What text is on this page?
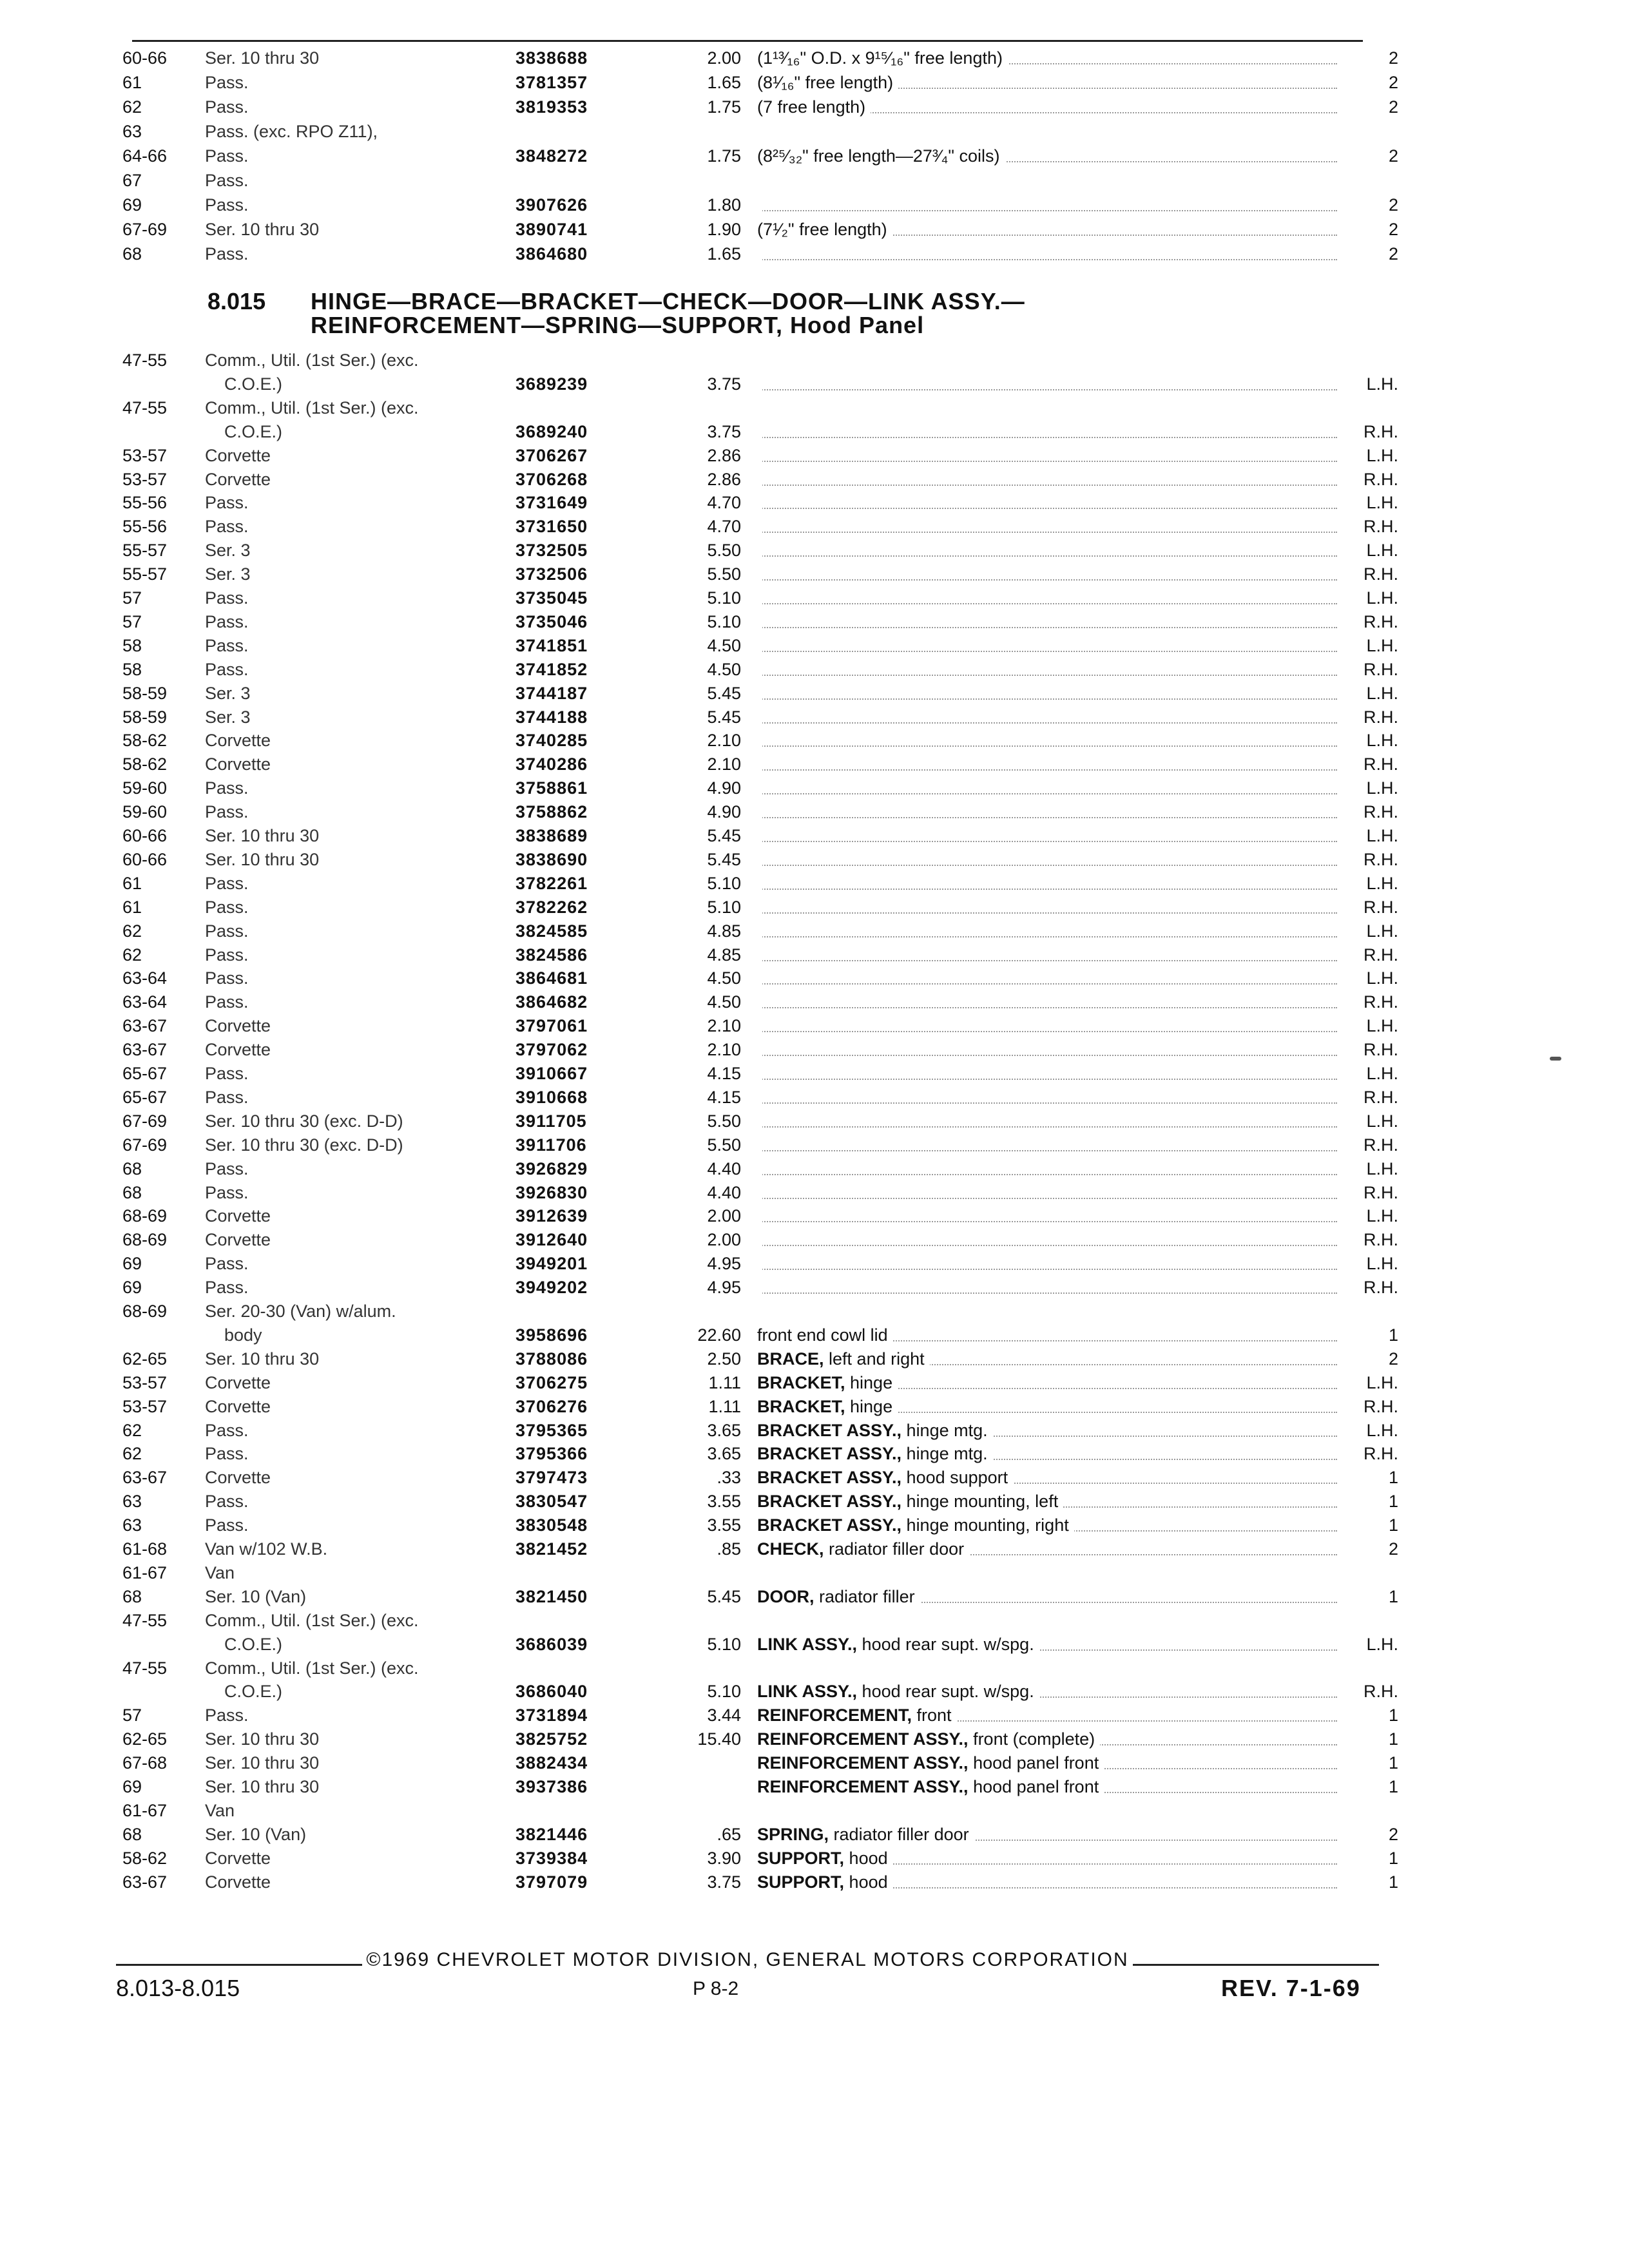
60-66 Ser. 10 thru 30	3838688	2.00 (1¹³⁄₁₆" O.D. x 9¹⁵⁄₁₆" free length)	2
61	Pass.	3781357	1.65 (8¹⁄₁₆" free length)	2
62	Pass.	3819353	1.75 (7 free length)	2
63	Pass. (exc. RPO Z11),
64-66 Pass.	3848272	1.75 (8²⁵⁄₃₂" free length—27³⁄₄" coils)	2
67	Pass.
69	Pass.	3907626	1.80	2
67-69 Ser. 10 thru 30	3890741	1.90 (7¹⁄₂" free length)	2
68	Pass.	3864680	1.65	2
8.015 HINGE—BRACE—BRACKET—CHECK—DOOR—LINK ASSY.—
REINFORCEMENT—SPRING—SUPPORT, Hood Panel
47-55 Comm., Util. (1st Ser.) (exc.
C.O.E.)	3689239	3.75	L.H.
47-55 Comm., Util. (1st Ser.) (exc.
C.O.E.)	3689240	3.75	R.H.
53-57 Corvette	3706267	2.86	L.H.
53-57 Corvette	3706268	2.86	R.H.
55-56 Pass.	3731649	4.70	L.H.
55-56 Pass.	3731650	4.70	R.H.
55-57 Ser. 3	3732505	5.50	L.H.
55-57 Ser. 3	3732506	5.50	R.H.
57	Pass.	3735045	5.10	L.H.
57	Pass.	3735046	5.10	R.H.
58	Pass.	3741851	4.50	L.H.
58	Pass.	3741852	4.50	R.H.
58-59 Ser. 3	3744187	5.45	L.H.
58-59 Ser. 3	3744188	5.45	R.H.
58-62 Corvette	3740285	2.10	L.H.
58-62 Corvette	3740286	2.10	R.H.
59-60 Pass.	3758861	4.90	L.H.
59-60 Pass.	3758862	4.90	R.H.
60-66 Ser. 10 thru 30	3838689	5.45	L.H.
60-66 Ser. 10 thru 30	3838690	5.45	R.H.
61	Pass.	3782261	5.10	L.H.
61	Pass.	3782262	5.10	R.H.
62	Pass.	3824585	4.85	L.H.
62	Pass.	3824586	4.85	R.H.
63-64 Pass.	3864681	4.50	L.H.
63-64 Pass.	3864682	4.50	R.H.
63-67 Corvette	3797061	2.10	L.H.
63-67 Corvette	3797062	2.10	R.H.
65-67 Pass.	3910667	4.15	L.H.
65-67 Pass.	3910668	4.15	R.H.
67-69 Ser. 10 thru 30 (exc. D-D)	3911705	5.50	L.H.
67-69 Ser. 10 thru 30 (exc. D-D)	3911706	5.50	R.H.
68	Pass.	3926829	4.40	L.H.
68	Pass.	3926830	4.40	R.H.
68-69 Corvette	3912639	2.00	L.H.
68-69 Corvette	3912640	2.00	R.H.
69	Pass.	3949201	4.95	L.H.
69	Pass.	3949202	4.95	R.H.
68-69 Ser. 20-30 (Van) w/alum.
body	3958696	22.60 front end cowl lid	1
62-65 Ser. 10 thru 30	3788086	2.50 BRACE, left and right	2
53-57 Corvette	3706275	1.11 BRACKET, hinge	L.H.
53-57 Corvette	3706276	1.11 BRACKET, hinge	R.H.
62	Pass.	3795365	3.65 BRACKET ASSY., hinge mtg.	L.H.
62	Pass.	3795366	3.65 BRACKET ASSY., hinge mtg.	R.H.
63-67 Corvette	3797473	.33 BRACKET ASSY., hood support	1
63	Pass.	3830547	3.55 BRACKET ASSY., hinge mounting, left	1
63	Pass.	3830548	3.55 BRACKET ASSY., hinge mounting, right	1
61-68 Van w/102 W.B.	3821452	.85 CHECK, radiator filler door	2
61-67 Van
68	Ser. 10 (Van)	3821450	5.45 DOOR, radiator filler	1
47-55 Comm., Util. (1st Ser.) (exc.
C.O.E.)	3686039	5.10 LINK ASSY., hood rear supt. w/spg.	L.H.
47-55 Comm., Util. (1st Ser.) (exc.
C.O.E.)	3686040	5.10 LINK ASSY., hood rear supt. w/spg.	R.H.
57	Pass.	3731894	3.44 REINFORCEMENT, front	1
62-65 Ser. 10 thru 30	3825752	15.40 REINFORCEMENT ASSY., front (complete)	1
67-68 Ser. 10 thru 30	3882434	REINFORCEMENT ASSY., hood panel front	1
69	Ser. 10 thru 30	3937386	REINFORCEMENT ASSY., hood panel front	1
61-67 Van
68	Ser. 10 (Van)	3821446	.65 SPRING, radiator filler door	2
58-62 Corvette	3739384	3.90 SUPPORT, hood	1
63-67 Corvette	3797079	3.75 SUPPORT, hood	1
©1969 CHEVROLET MOTOR DIVISION, GENERAL MOTORS CORPORATION
8.013-8.015	P 8-2	REV. 7-1-69
